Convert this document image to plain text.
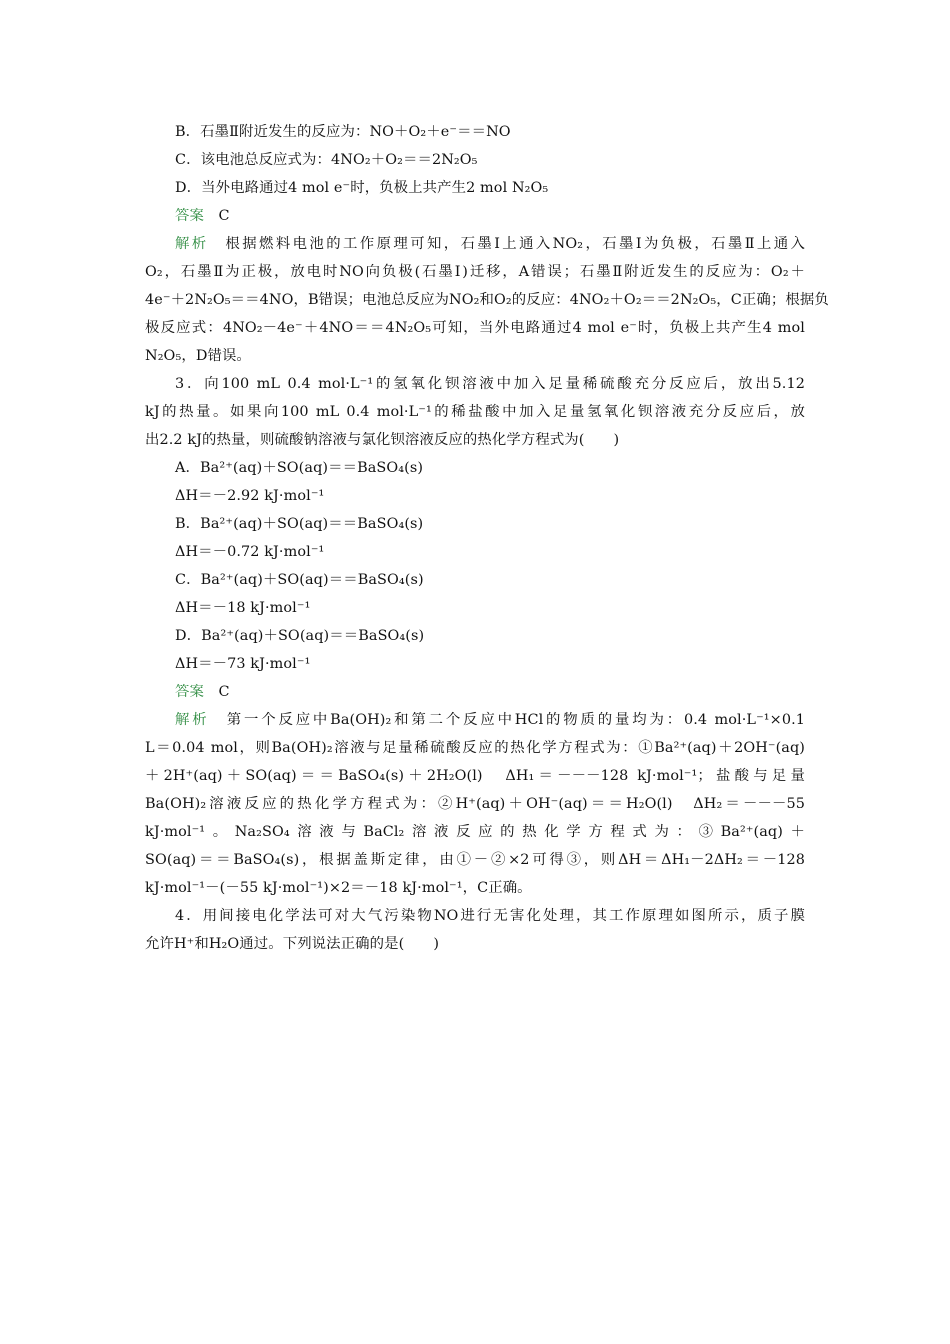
B．石墨Ⅱ附近发生的反应为：NO＋O₂＋e⁻＝＝NO
C．该电池总反应式为：4NO₂＋O₂＝＝2N₂O₅
D．当外电路通过4 mol e⁻时，负极上共产生2 mol N₂O₅
答案　 C
解析　 根据燃料电池的工作原理可知，石墨Ⅰ上通入NO₂，石墨Ⅰ为负极，石墨Ⅱ上通入
O₂，石墨Ⅱ为正极，放电时NO向负极(石墨Ⅰ)迁移，A错误；石墨Ⅱ附近发生的反应为：O₂＋
4e⁻＋2N₂O₅＝＝4NO，B错误；电池总反应为NO₂和O₂的反应：4NO₂＋O₂＝＝2N₂O₅，C正确；根据负
极反应式：4NO₂－4e⁻＋4NO＝＝4N₂O₅可知，当外电路通过4 mol e⁻时，负极上共产生4 mol
N₂O₅，D错误。
3．向100 mL 0.4 mol·L⁻¹的氢氧化钡溶液中加入足量稀硫酸充分反应后，放出5.12
kJ的热量。如果向100 mL 0.4 mol·L⁻¹的稀盐酸中加入足量氢氧化钡溶液充分反应后，放
出2.2 kJ的热量，则硫酸钠溶液与氯化钡溶液反应的热化学方程式为(　　)
A．Ba²⁺(aq)＋SO(aq)＝＝BaSO₄(s)
ΔH＝－2.92 kJ·mol⁻¹
B．Ba²⁺(aq)＋SO(aq)＝＝BaSO₄(s)
ΔH＝－0.72 kJ·mol⁻¹
C．Ba²⁺(aq)＋SO(aq)＝＝BaSO₄(s)
ΔH＝－18 kJ·mol⁻¹
D．Ba²⁺(aq)＋SO(aq)＝＝BaSO₄(s)
ΔH＝－73 kJ·mol⁻¹
答案　 C
解析　 第一个反应中Ba(OH)₂和第二个反应中HCl的物质的量均为：0.4 mol·L⁻¹×0.1
L＝0.04 mol，则Ba(OH)₂溶液与足量稀硫酸反应的热化学方程式为：①Ba²⁺(aq)＋2OH⁻(aq)
＋2H⁺(aq)＋SO(aq)＝＝BaSO₄(s)＋2H₂O(l)　ΔH₁＝－－－128 kJ·mol⁻¹；盐酸与足量
Ba(OH)₂溶液反应的热化学方程式为：②H⁺(aq)＋OH⁻(aq)＝＝H₂O(l)　ΔH₂＝－－－55
kJ·mol⁻¹。Na₂SO₄溶液与BaCl₂溶液反应的热化学方程式为：③Ba²⁺(aq)＋
SO(aq)＝＝BaSO₄(s)，根据盖斯定律，由①－②×2可得③，则ΔH＝ΔH₁－2ΔH₂＝－128
kJ·mol⁻¹－(－55 kJ·mol⁻¹)×2＝－18 kJ·mol⁻¹，C正确。
4．用间接电化学法可对大气污染物NO进行无害化处理，其工作原理如图所示，质子膜
允许H⁺和H₂O通过。下列说法正确的是(　　)
